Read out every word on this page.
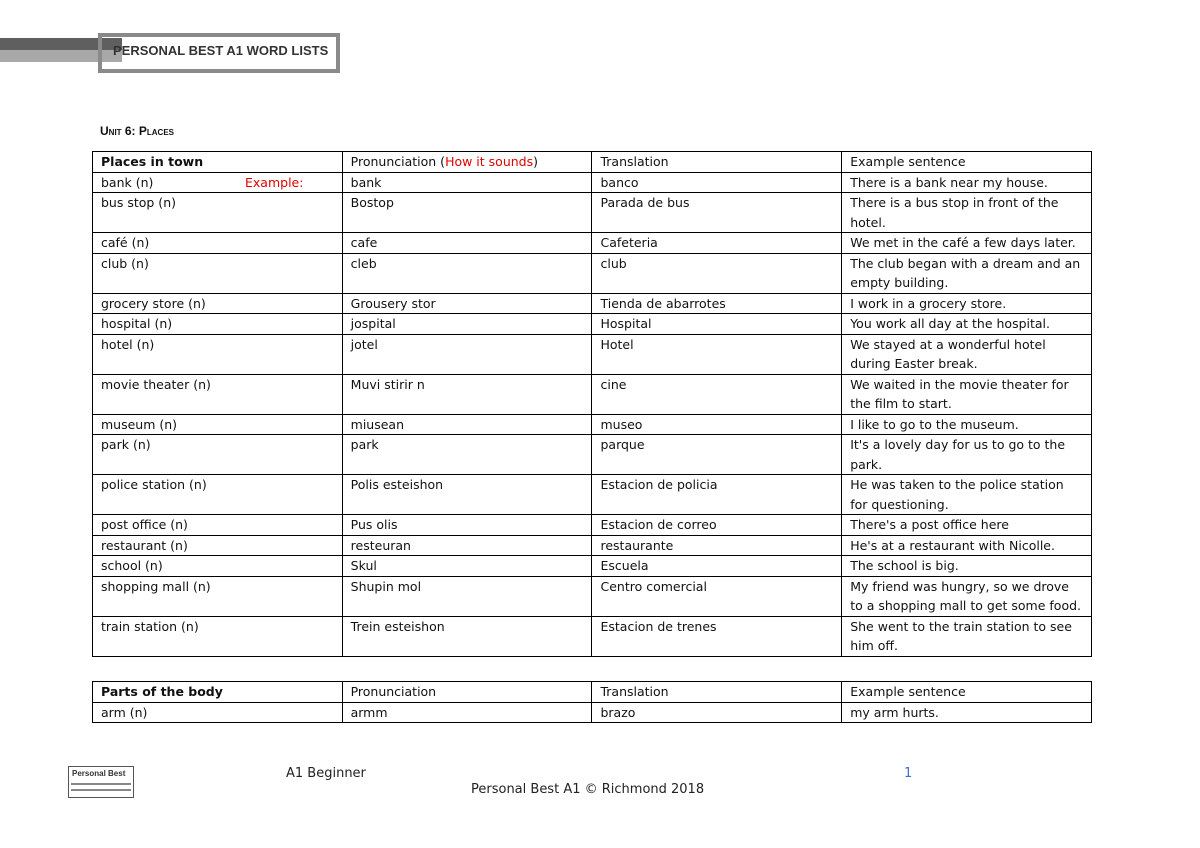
PERSONAL BEST A1 WORD LISTS
Unit 6: Places
Places in town	Pronunciation (How it sounds)	Translation	Example sentence
bank (n) Example:	bank	banco	There is a bank near my house.
bus stop (n)	Bostop	Parada de bus	There is a bus stop in front of the hotel.
café (n)	cafe	Cafeteria	We met in the café a few days later.
club (n)	cleb	club	The club began with a dream and an empty building.
grocery store (n)	Grousery stor	Tienda de abarrotes	I work in a grocery store.
hospital (n)	jospital	Hospital	You work all day at the hospital.
hotel (n)	jotel	Hotel	We stayed at a wonderful hotel during Easter break.
movie theater (n)	Muvi stirir n	cine	We waited in the movie theater for the film to start.
museum (n)	miusean	museo	I like to go to the museum.
park (n)	park	parque	It's a lovely day for us to go to the park.
police station (n)	Polis esteishon	Estacion de policia	He was taken to the police station for questioning.
post office (n)	Pus olis	Estacion de correo	There's a post office here
restaurant (n)	resteuran	restaurante	He's at a restaurant with Nicolle.
school (n)	Skul	Escuela	The school is big.
shopping mall (n)	Shupin mol	Centro comercial	My friend was hungry, so we drove to a shopping mall to get some food.
train station (n)	Trein esteishon	Estacion de trenes	She went to the train station to see him off.
Parts of the body	Pronunciation	Translation	Example sentence
arm (n)	armm	brazo	my arm hurts.
Personal Best	A1 Beginner
Personal Best A1 © Richmond 2018
1
